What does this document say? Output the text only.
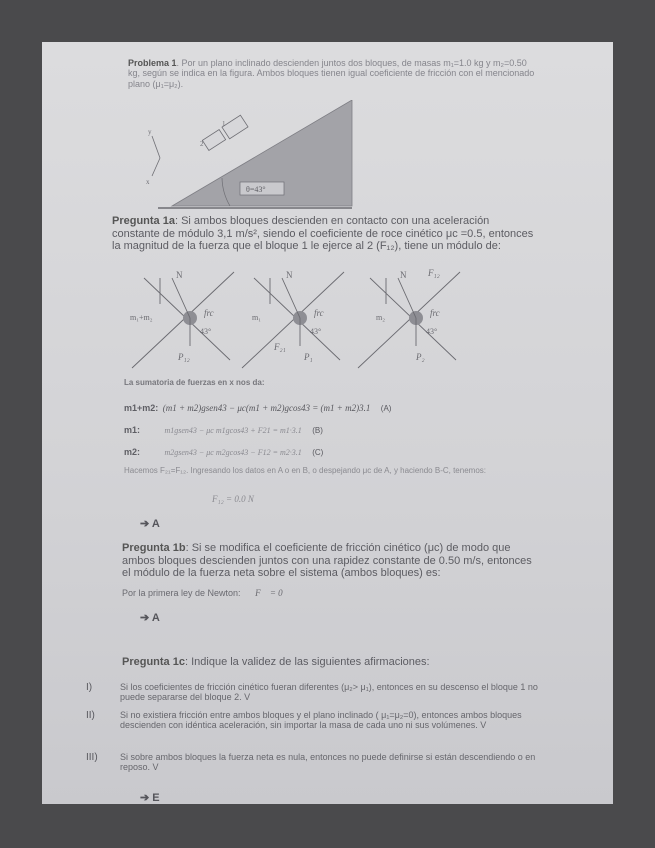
Problema 1. Por un plano inclinado descienden juntos dos bloques, de masas m₁=1.0 kg y m₂=0.50 kg, según se indica en la figura. Ambos bloques tienen igual coeficiente de fricción con el mencionado plano (μ₁=μ₂).
2
1
y
x
θ=43°
Pregunta 1a: Si ambos bloques descienden en contacto con una aceleración constante de módulo 3,1 m/s², siendo el coeficiente de roce cinético μc =0.5, entonces la magnitud de la fuerza que el bloque 1 le ejerce al 2 (F₁₂), tiene un módulo de:
m₁+m₂
N
frc
43°
P₁₂
m₁
N
frc
43°
F₂₁
P₁
m₂
N F₁₂
frc
43°
P₂
La sumatoria de fuerzas en x nos da:
m1+m2: (m1 + m2)gsen43 − μc(m1 + m2)gcos43 = (m1 + m2)3.1 (A)
m1:	m1gsen43 − μc m1gcos43 + F21 = m1·3.1 (B)
m2:	m2gsen43 − μc m2gcos43 − F12 = m2·3.1 (C)
Hacemos F₂₁=F₁₂. Ingresando los datos en A o en B, o despejando μc de A, y haciendo B-C, tenemos:
F₁₂ = 0.0 N
➔ A
Pregunta 1b: Si se modifica el coeficiente de fricción cinético (μc) de modo que ambos bloques descienden juntos con una rapidez constante de 0.50 m/s, entonces el módulo de la fuerza neta sobre el sistema (ambos bloques) es:
Por la primera ley de Newton: F⃗ = 0⃗
➔ A
Pregunta 1c: Indique la validez de las siguientes afirmaciones:
I)	Si los coeficientes de fricción cinético fueran diferentes (μ₂> μ₁), entonces en su descenso el bloque 1 no puede separarse del bloque 2. V
II)	Si no existiera fricción entre ambos bloques y el plano inclinado ( μ₁=μ₂=0), entonces ambos bloques descienden con idéntica aceleración, sin importar la masa de cada uno ni sus volúmenes. V
III) Si sobre ambos bloques la fuerza neta es nula, entonces no puede definirse si están descendiendo o en reposo. V
➔ E
